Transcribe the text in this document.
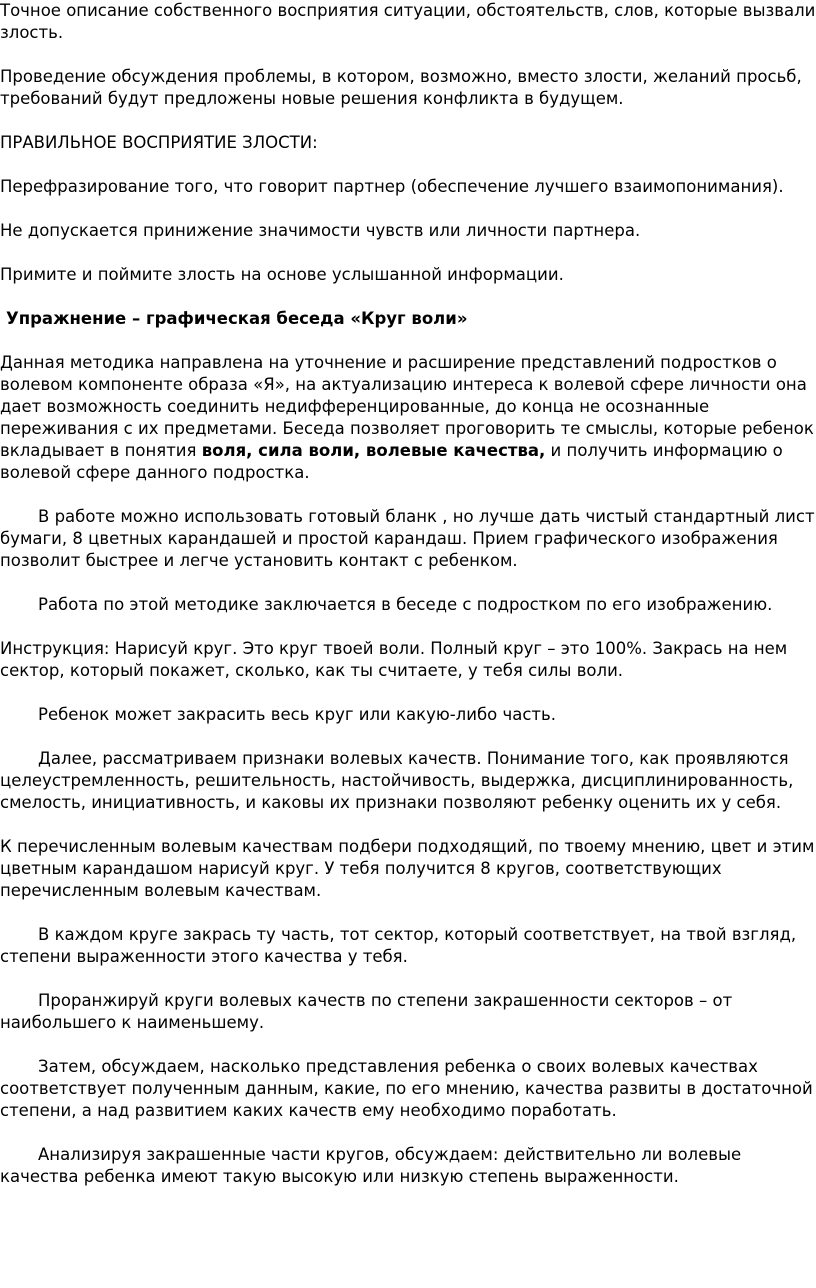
Точное описание собственного восприятия ситуации, обстоятельств, слов, которые вызвали злость.

Проведение обсуждения проблемы, в котором, возможно, вместо злости, желаний просьб, требований будут предложены новые решения конфликта в будущем.

ПРАВИЛЬНОЕ ВОСПРИЯТИЕ ЗЛОСТИ:

Перефразирование того, что говорит партнер (обеспечение лучшего взаимопонимания).

Не допускается принижение значимости чувств или личности партнера.

Примите и поймите злость на основе услышанной информации.

Упражнение – графическая беседа «Круг воли»

Данная методика направлена на уточнение и расширение представлений подростков о волевом компоненте образа «Я», на актуализацию интереса к волевой сфере личности она дает возможность соединить недифференцированные, до конца не осознанные переживания с их предметами. Беседа позволяет проговорить те смыслы, которые ребенок вкладывает в понятия воля, сила воли, волевые качества, и получить информацию о волевой сфере данного подростка.

В работе можно использовать готовый бланк , но лучше дать чистый стандартный лист бумаги, 8 цветных карандашей и простой карандаш. Прием графического изображения позволит быстрее и легче установить контакт с ребенком.

Работа по этой методике заключается в беседе с подростком по его изображению.

Инструкция: Нарисуй круг. Это круг твоей воли. Полный круг – это 100%. Закрась на нем сектор, который покажет, сколько, как ты считаете, у тебя силы воли.

Ребенок может закрасить весь круг или какую-либо часть.

Далее, рассматриваем признаки волевых качеств. Понимание того, как проявляются целеустремленность, решительность, настойчивость, выдержка, дисциплинированность, смелость, инициативность, и каковы их признаки позволяют ребенку оценить их у себя.

К перечисленным волевым качествам подбери подходящий, по твоему мнению, цвет и этим цветным карандашом нарисуй круг. У тебя получится 8 кругов, соответствующих перечисленным волевым качествам.

В каждом круге закрась ту часть, тот сектор, который соответствует, на твой взгляд, степени выраженности этого качества у тебя.

Проранжируй круги волевых качеств по степени закрашенности секторов – от наибольшего к наименьшему.

Затем, обсуждаем, насколько представления ребенка о своих волевых качествах соответствует полученным данным, какие, по его мнению, качества развиты в достаточной степени, а над развитием каких качеств ему необходимо поработать.

Анализируя закрашенные части кругов, обсуждаем: действительно ли волевые качества ребенка имеют такую высокую или низкую степень выраженности.
